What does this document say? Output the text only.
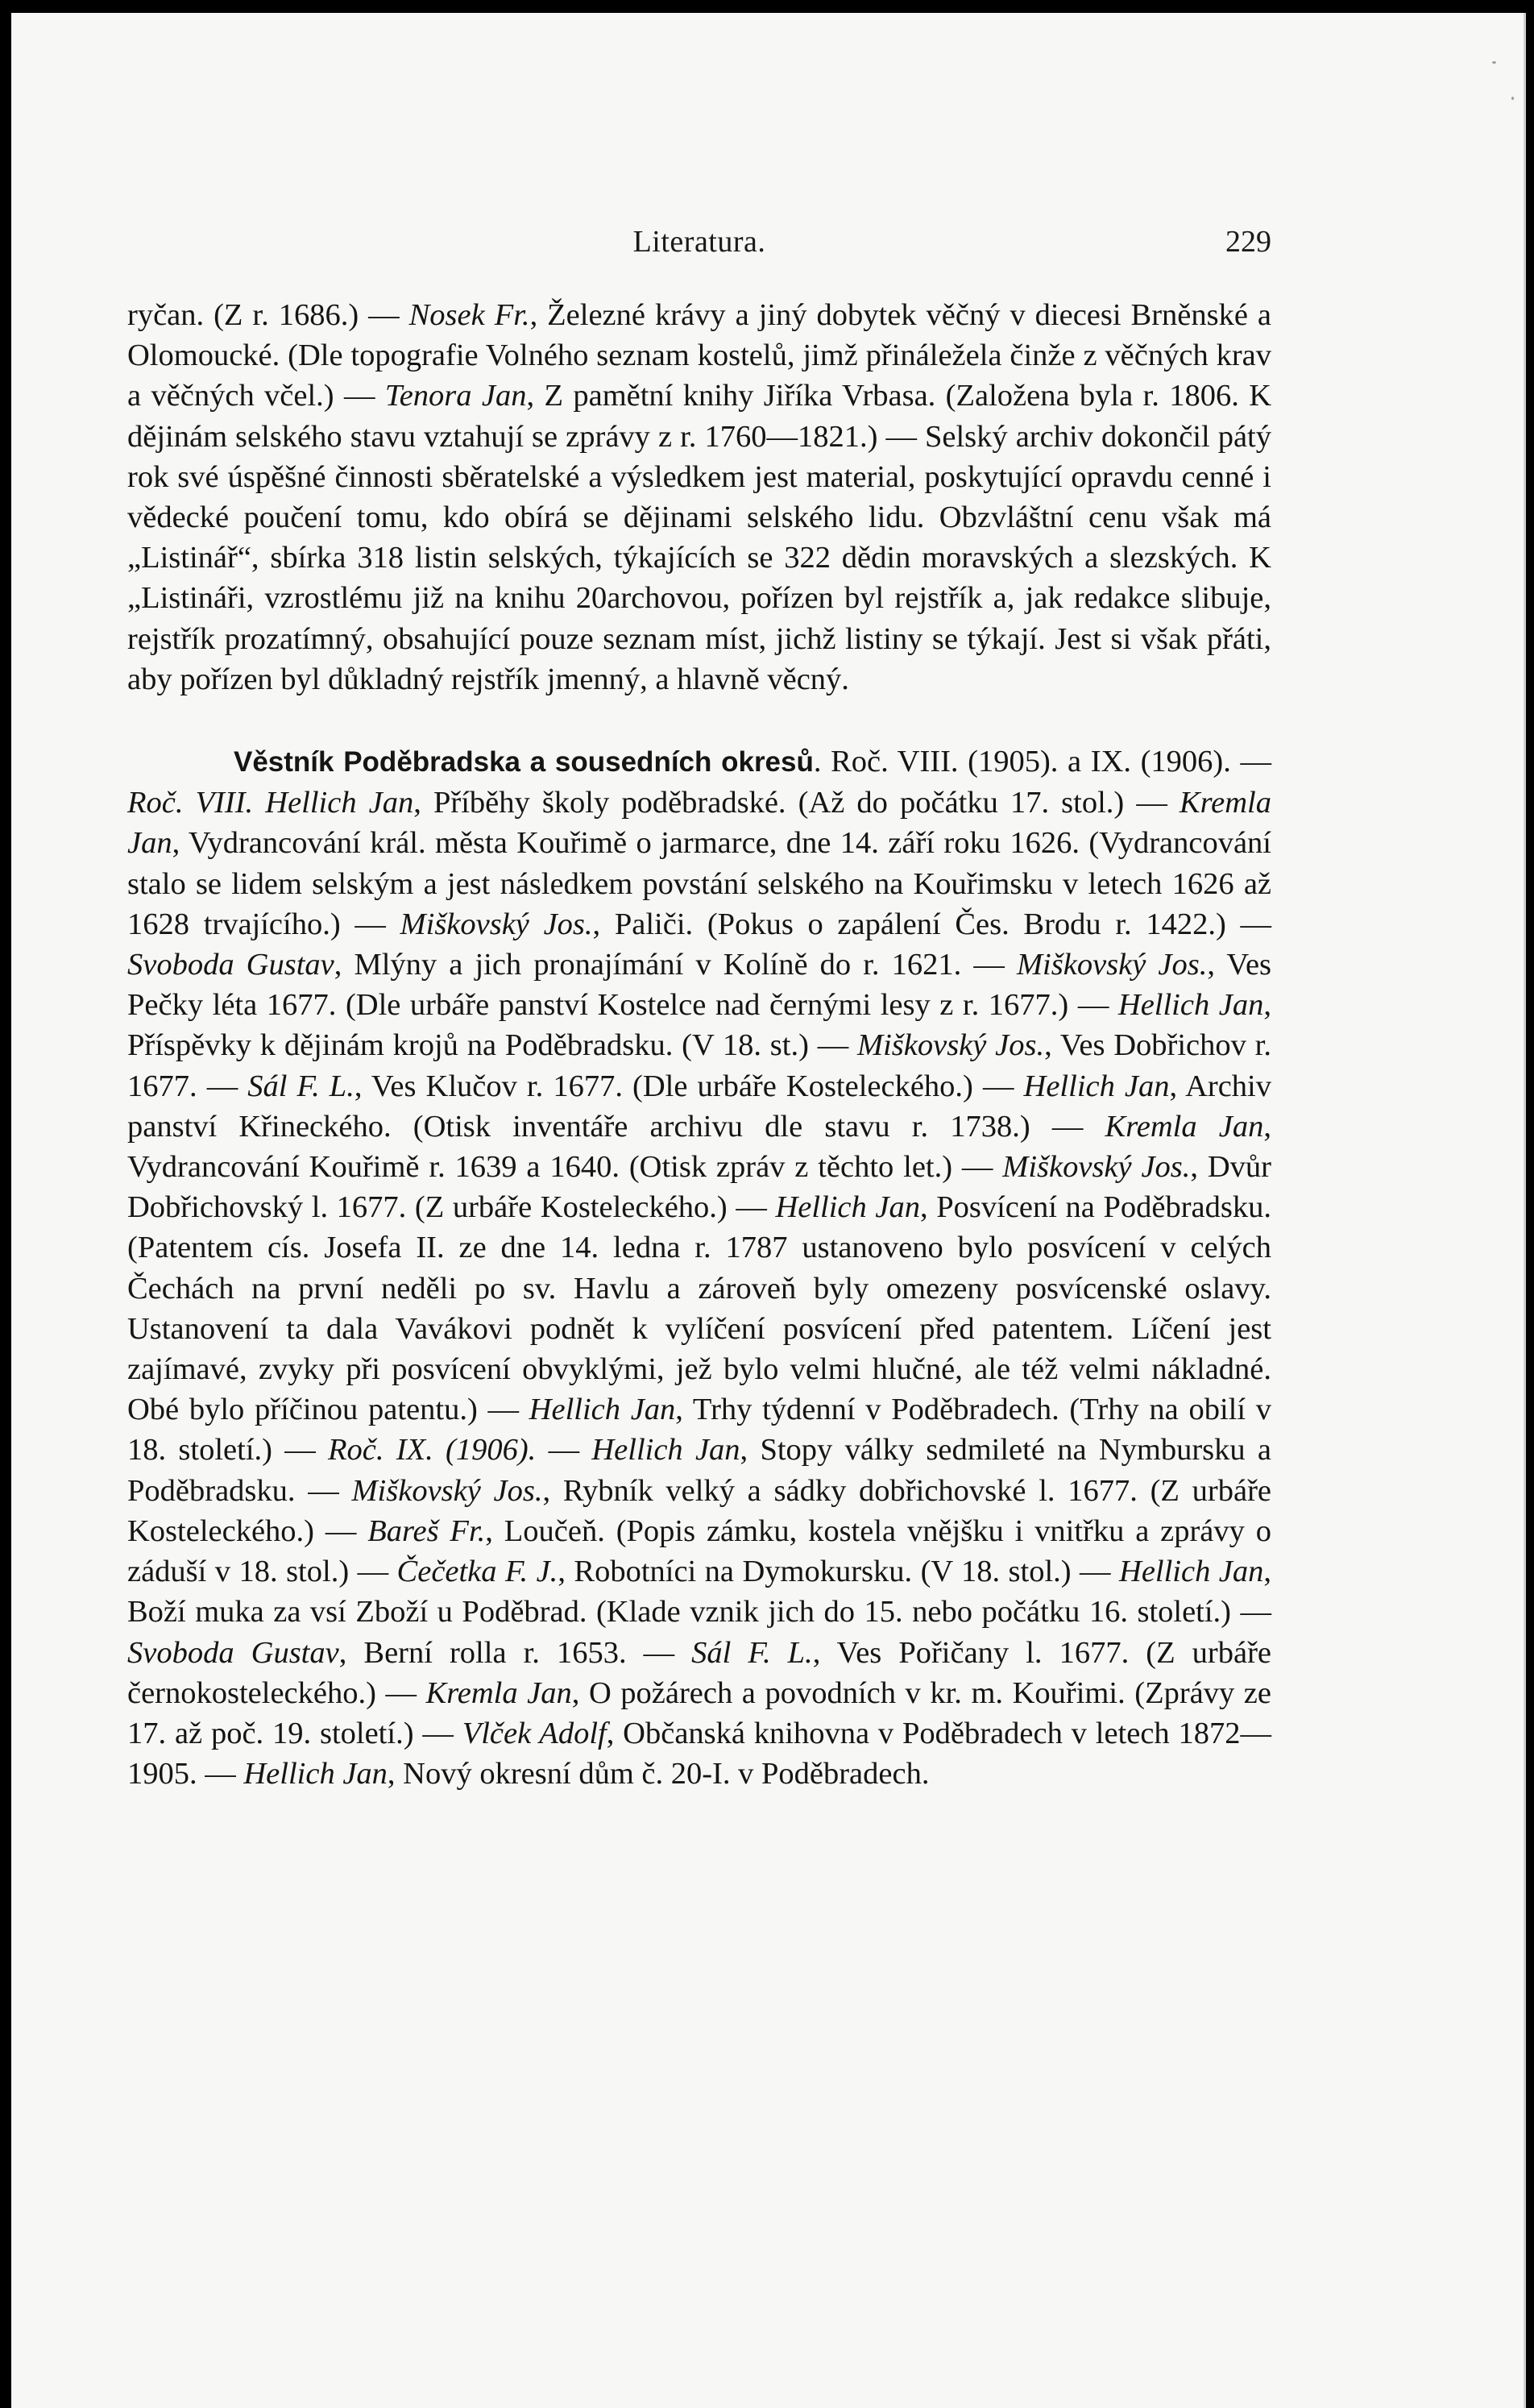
Literatura.	229

ryčan. (Z r. 1686.) — Nosek Fr., Železné krávy a jiný dobytek věčný v diecesi Brněnské a Olomoucké. (Dle topografie Volného seznam kostelů, jimž přináležela činže z věčných krav a věčných včel.) — Tenora Jan, Z pamětní knihy Jiříka Vrbasa. (Založena byla r. 1806. K dějinám selského stavu vztahují se zprávy z r. 1760—1821.) — Selský archiv dokončil pátý rok své úspěšné činnosti sběratelské a výsledkem jest material, poskytující opravdu cenné i vědecké poučení tomu, kdo obírá se dějinami selského lidu. Obzvláštní cenu však má „Listinář“, sbírka 318 listin selských, týkajících se 322 dědin moravských a slezských. K „Listináři, vzrostlému již na knihu 20archovou, pořízen byl rejstřík a, jak redakce slibuje, rejstřík prozatímný, obsahující pouze seznam míst, jichž listiny se týkají. Jest si však přáti, aby pořízen byl důkladný rejstřík jmenný, a hlavně věcný.

Věstník Poděbradska a sousedních okresů. Roč. VIII. (1905). a IX. (1906). — Roč. VIII. Hellich Jan, Příběhy školy poděbradské. (Až do počátku 17. stol.) — Kremla Jan, Vydrancování král. města Kouřimě o jarmarce, dne 14. září roku 1626. (Vydrancování stalo se lidem selským a jest následkem povstání selského na Kouřimsku v letech 1626 až 1628 trvajícího.) — Miškovský Jos., Paliči. (Pokus o zapálení Čes. Brodu r. 1422.) — Svoboda Gustav, Mlýny a jich pronajímání v Kolíně do r. 1621. — Miškovský Jos., Ves Pečky léta 1677. (Dle urbáře panství Kostelce nad černými lesy z r. 1677.) — Hellich Jan, Příspěvky k dějinám krojů na Poděbradsku. (V 18. st.) — Miškovský Jos., Ves Dobřichov r. 1677. — Sál F. L., Ves Klučov r. 1677. (Dle urbáře Kosteleckého.) — Hellich Jan, Archiv panství Křineckého. (Otisk inventáře archivu dle stavu r. 1738.) — Kremla Jan, Vydrancování Kouřimě r. 1639 a 1640. (Otisk zpráv z těchto let.) — Miškovský Jos., Dvůr Dobřichovský l. 1677. (Z urbáře Kosteleckého.) — Hellich Jan, Posvícení na Poděbradsku. (Patentem cís. Josefa II. ze dne 14. ledna r. 1787 ustanoveno bylo posvícení v celých Čechách na první neděli po sv. Havlu a zároveň byly omezeny posvícenské oslavy. Ustanovení ta dala Vavákovi podnět k vylíčení posvícení před patentem. Líčení jest zajímavé, zvyky při posvícení obvyklými, jež bylo velmi hlučné, ale též velmi nákladné. Obé bylo příčinou patentu.) — Hellich Jan, Trhy týdenní v Poděbradech. (Trhy na obilí v 18. století.) — Roč. IX. (1906). — Hellich Jan, Stopy války sedmileté na Nymbursku a Poděbradsku. — Miškovský Jos., Rybník velký a sádky dobřichovské l. 1677. (Z urbáře Kosteleckého.) — Bareš Fr., Loučeň. (Popis zámku, kostela vnějšku i vnitřku a zprávy o záduší v 18. stol.) — Čečetka F. J., Robotníci na Dymokursku. (V 18. stol.) — Hellich Jan, Boží muka za vsí Zboží u Poděbrad. (Klade vznik jich do 15. nebo počátku 16. století.) — Svoboda Gustav, Berní rolla r. 1653. — Sál F. L., Ves Pořičany l. 1677. (Z urbáře černokosteleckého.) — Kremla Jan, O požárech a povodních v kr. m. Kouřimi. (Zprávy ze 17. až poč. 19. století.) — Vlček Adolf, Občanská knihovna v Poděbradech v letech 1872—1905. — Hellich Jan, Nový okresní dům č. 20-I. v Poděbradech.
